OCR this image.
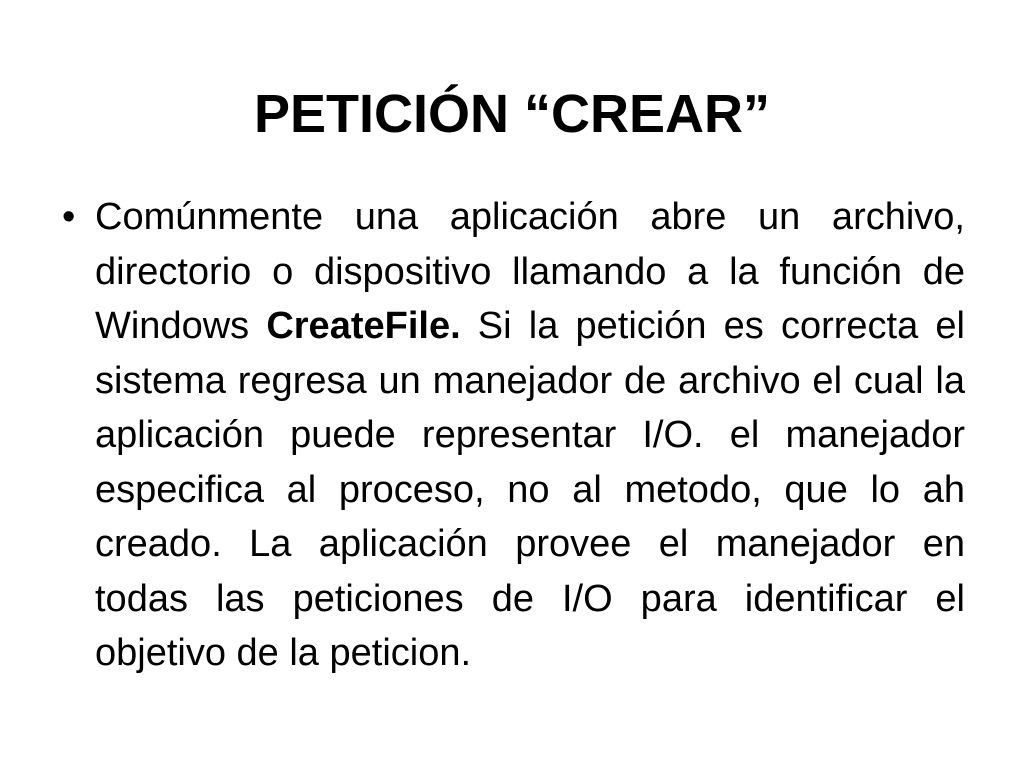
PETICIÓN “CREAR”
• Comúnmente una aplicación abre un archivo, directorio o dispositivo llamando a la función de Windows CreateFile. Si la petición es correcta el sistema regresa un manejador de archivo el cual la aplicación puede representar I/O. el manejador especifica al proceso, no al metodo, que lo ah creado. La aplicación provee el manejador en todas las peticiones de I/O para identificar el objetivo de la peticion.
